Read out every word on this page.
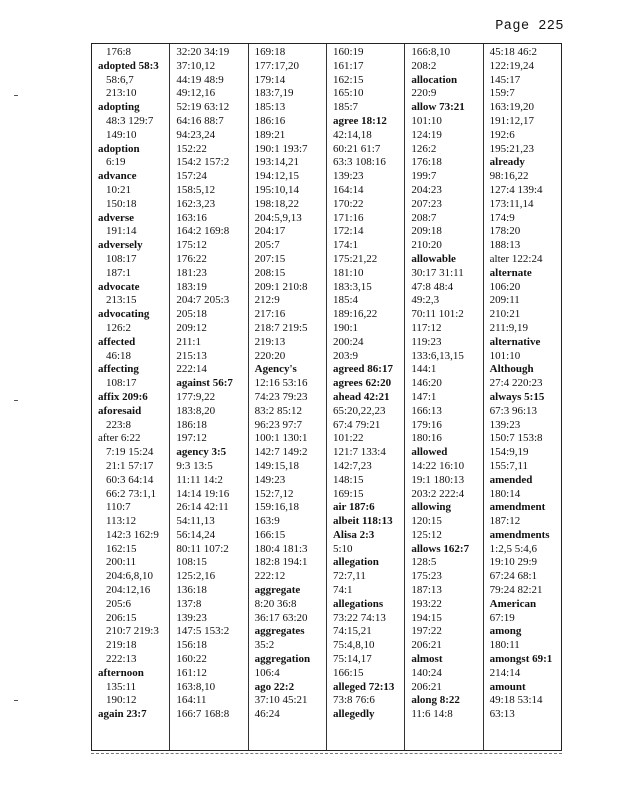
Page 225
176:8
adopted 58:3
58:6,7
213:10
adopting
48:3 129:7
149:10
adoption
6:19
advance
10:21
150:18
adverse
191:14
adversely
108:17
187:1
advocate
213:15
advocating
126:2
affected
46:18
affecting
108:17
affix 209:6
aforesaid
223:8
after 6:22
7:19 15:24
21:1 57:17
60:3 64:14
66:2 73:1,1
110:7
113:12
142:3 162:9
162:15
200:11
204:6,8,10
204:12,16
205:6
206:15
210:7 219:3
219:18
222:13
afternoon
135:11
190:12
again 23:7
32:20 34:19
37:10,12
44:19 48:9
49:12,16
52:19 63:12
64:16 88:7
94:23,24
152:22
154:2 157:2
157:24
158:5,12
162:3,23
163:16
164:2 169:8
175:12
176:22
181:23
183:19
204:7 205:3
205:18
209:12
211:1
215:13
222:14
against 56:7
177:9,22
183:8,20
186:18
197:12
agency 3:5
9:3 13:5
11:11 14:2
14:14 19:16
26:14 42:11
54:11,13
56:14,24
80:11 107:2
108:15
125:2,16
136:18
137:8
139:23
147:5 153:2
156:18
160:22
161:12
163:8,10
164:11
166:7 168:8
169:18
177:17,20
179:14
183:7,19
185:13
186:16
189:21
190:1 193:7
193:14,21
194:12,15
195:10,14
198:18,22
204:5,9,13
204:17
205:7
207:15
208:15
209:1 210:8
212:9
217:16
218:7 219:5
219:13
220:20
Agency's
12:16 53:16
74:23 79:23
83:2 85:12
96:23 97:7
100:1 130:1
142:7 149:2
149:15,18
149:23
152:7,12
159:16,18
163:9
166:15
180:4 181:3
182:8 194:1
222:12
aggregate
8:20 36:8
36:17 63:20
aggregates
35:2
aggregation
106:4
ago 22:2
37:10 45:21
46:24
160:19
161:17
162:15
165:10
185:7
agree 18:12
42:14,18
60:21 61:7
63:3 108:16
139:23
164:14
170:22
171:16
172:14
174:1
175:21,22
181:10
183:3,15
185:4
189:16,22
190:1
200:24
203:9
agreed 86:17
agrees 62:20
ahead 42:21
65:20,22,23
67:4 79:21
101:22
121:7 133:4
142:7,23
148:15
169:15
air 187:6
albeit 118:13
Alisa 2:3
5:10
allegation
72:7,11
74:1
allegations
73:22 74:13
74:15,21
75:4,8,10
75:14,17
166:15
alleged 72:13
73:8 76:6
allegedly
166:8,10
208:2
allocation
220:9
allow 73:21
101:10
124:19
126:2
176:18
199:7
204:23
207:23
208:7
209:18
210:20
allowable
30:17 31:11
47:8 48:4
49:2,3
70:11 101:2
117:12
119:23
133:6,13,15
144:1
146:20
147:1
166:13
179:16
180:16
allowed
14:22 16:10
19:1 180:13
203:2 222:4
allowing
120:15
125:12
allows 162:7
128:5
175:23
187:13
193:22
194:15
197:22
206:21
almost
140:24
206:21
along 8:22
11:6 14:8
45:18 46:2
122:19,24
145:17
159:7
163:19,20
191:12,17
192:6
195:21,23
already
98:16,22
127:4 139:4
173:11,14
174:9
178:20
188:13
alter 122:24
alternate
106:20
209:11
210:21
211:9,19
alternative
101:10
Although
27:4 220:23
always 5:15
67:3 96:13
139:23
150:7 153:8
154:9,19
155:7,11
amended
180:14
amendment
187:12
amendments
1:2,5 5:4,6
19:10 29:9
67:24 68:1
79:24 82:21
American
67:19
among
180:11
amongst 69:1
214:14
amount
49:18 53:14
63:13
